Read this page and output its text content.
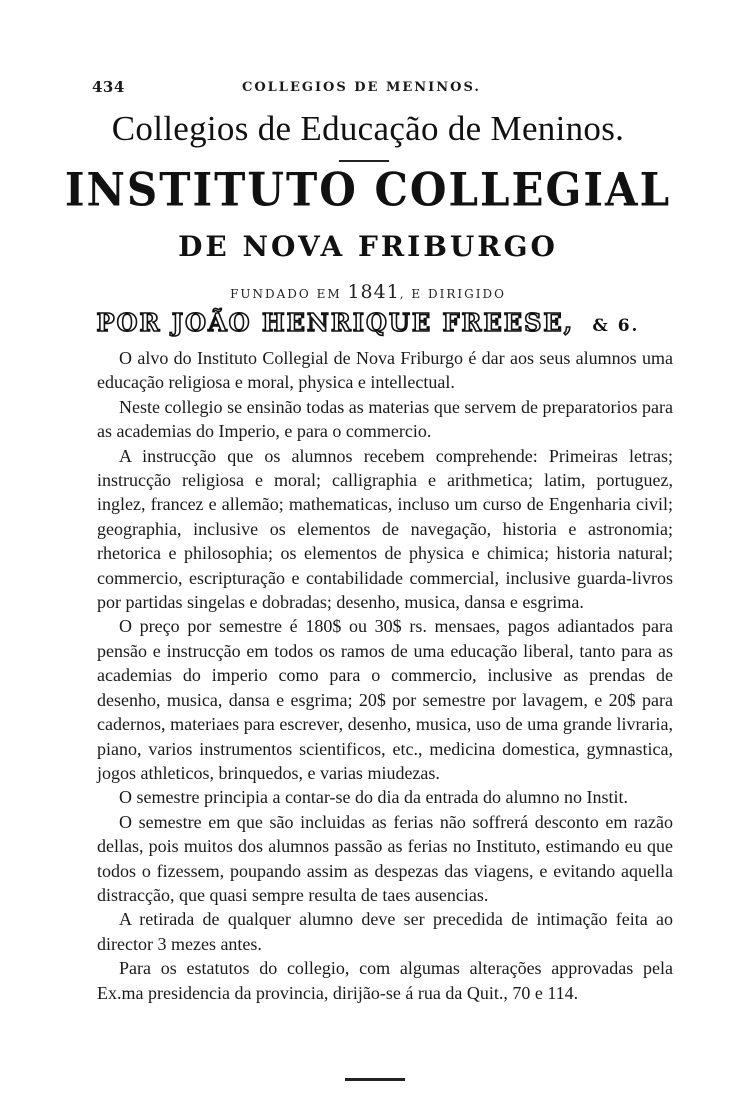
434	COLLEGIOS DE MENINOS.
Collegios de Educação de Meninos.
INSTITUTO COLLEGIAL
DE NOVA FRIBURGO
FUNDADO EM 1841, E DIRIGIDO
POR JOÃO HENRIQUE FREESE, & 6.

O alvo do Instituto Collegial de Nova Friburgo é dar aos seus alumnos uma educação religiosa e moral, physica e intellectual.

Neste collegio se ensinão todas as materias que servem de preparatorios para as academias do Imperio, e para o commercio.

A instrucção que os alumnos recebem comprehende: Primeiras letras; instrucção religiosa e moral; calligraphia e arithmetica; latim, portuguez, inglez, francez e allemão; mathematicas, incluso um curso de Engenharia civil; geographia, inclusive os elementos de navegação, historia e astronomia; rhetorica e philosophia; os elementos de physica e chimica; historia natural; commercio, escripturação e contabilidade commercial, inclusive guarda-livros por partidas singelas e dobradas; desenho, musica, dansa e esgrima.

O preço por semestre é 180$ ou 30$ rs. mensaes, pagos adiantados para pensão e instrucção em todos os ramos de uma educação liberal, tanto para as academias do imperio como para o commercio, inclusive as prendas de desenho, musica, dansa e esgrima; 20$ por semestre por lavagem, e 20$ para cadernos, materiaes para escrever, desenho, musica, uso de uma grande livraria, piano, varios instrumentos scientificos, etc., medicina domestica, gymnastica, jogos athleticos, brinquedos, e varias miudezas.

O semestre principia a contar-se do dia da entrada do alumno no Instit.

O semestre em que são incluidas as ferias não soffrerá desconto em razão dellas, pois muitos dos alumnos passão as ferias no Instituto, estimando eu que todos o fizessem, poupando assim as despezas das viagens, e evitando aquella distracção, que quasi sempre resulta de taes ausencias.

A retirada de qualquer alumno deve ser precedida de intimação feita ao director 3 mezes antes.

Para os estatutos do collegio, com algumas alterações approvadas pela Ex.ma presidencia da provincia, dirijão-se á rua da Quit., 70 e 114.
